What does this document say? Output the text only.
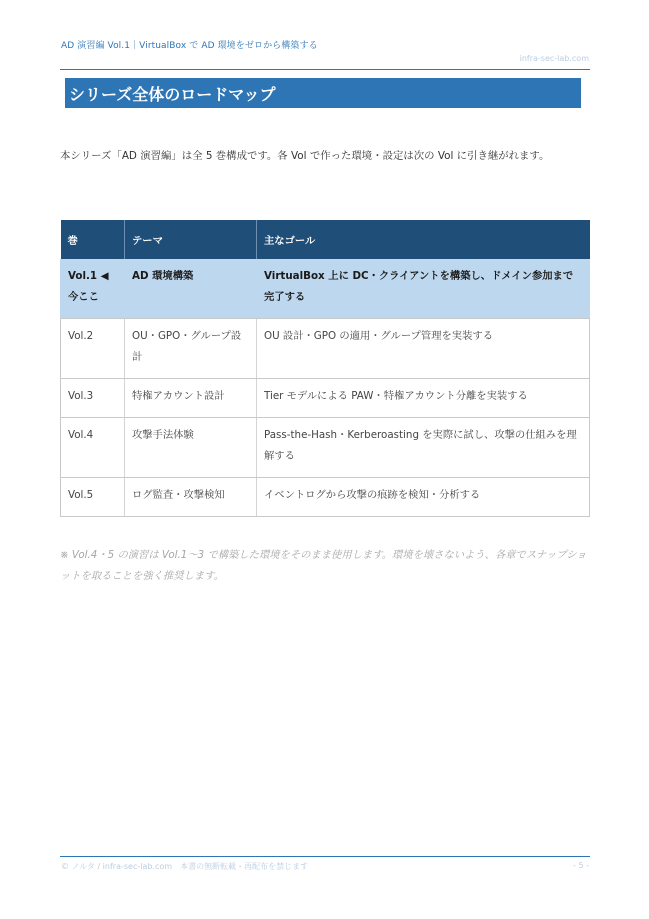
AD 演習編 Vol.1｜VirtualBox で AD 環境をゼロから構築する
infra-sec-lab.com
シリーズ全体のロードマップ
本シリーズ「AD 演習編」は全 5 巻構成です。各 Vol で作った環境・設定は次の Vol に引き継がれます。
巻	テーマ	主なゴール
Vol.1 ◀ 今ここ	AD 環境構築	VirtualBox 上に DC・クライアントを構築し、ドメイン参加まで完了する
Vol.2	OU・GPO・グループ設計	OU 設計・GPO の適用・グループ管理を実装する
Vol.3	特権アカウント設計	Tier モデルによる PAW・特権アカウント分離を実装する
Vol.4	攻撃手法体験	Pass-the-Hash・Kerberoasting を実際に試し、攻撃の仕組みを理解する
Vol.5	ログ監査・攻撃検知	イベントログから攻撃の痕跡を検知・分析する
※ Vol.4・5 の演習は Vol.1〜3 で構築した環境をそのまま使用します。環境を壊さないよう、各章でスナップショットを取ることを強く推奨します。
© ノルタ / infra-sec-lab.com　本書の無断転載・再配布を禁じます	- 5 -
